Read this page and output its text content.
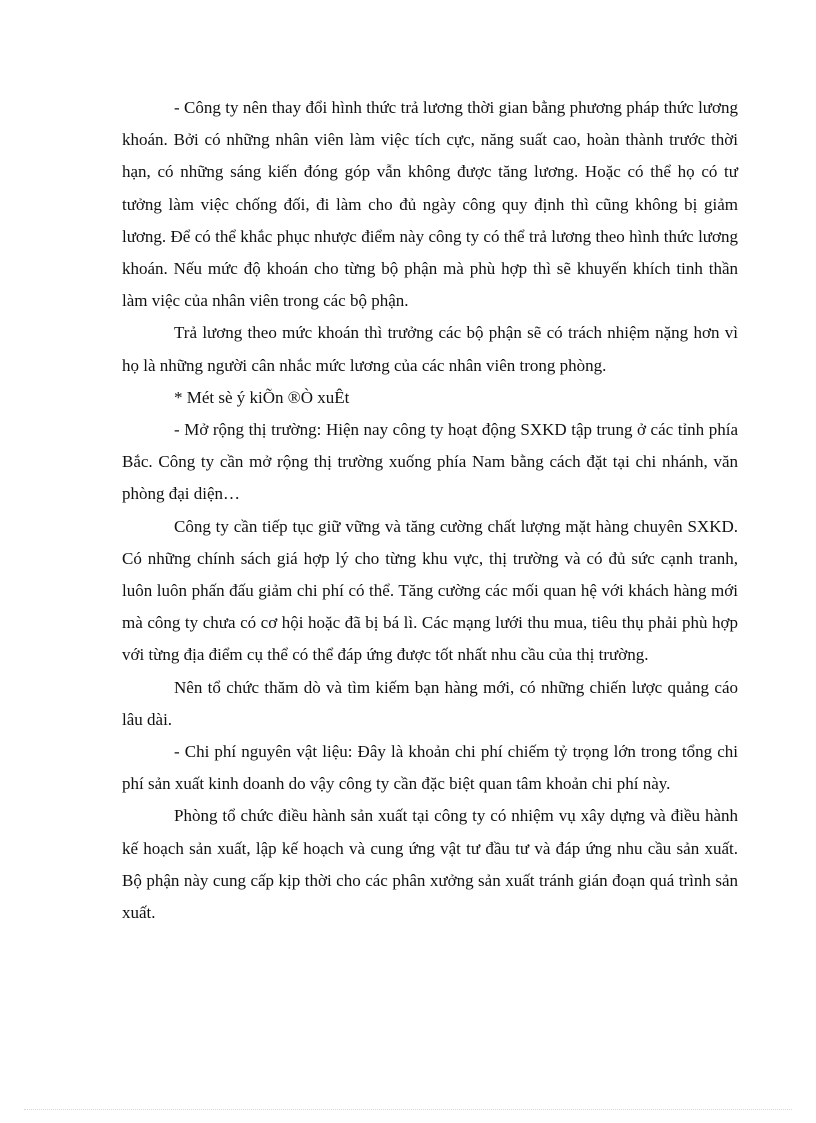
- Công ty nên thay đổi hình thức trả lương thời gian bằng phương pháp thức lương khoán. Bởi có những nhân viên làm việc tích cực, năng suất cao, hoàn thành trước thời hạn, có những sáng kiến đóng góp vẫn không được tăng lương. Hoặc có thể họ có tư tưởng làm việc chống đối, đi làm cho đủ ngày công quy định thì cũng không bị giảm lương. Để có thể khắc phục nhược điểm này công ty có thể trả lương theo hình thức lương khoán. Nếu mức độ khoán cho từng bộ phận mà phù hợp thì sẽ khuyến khích tinh thần làm việc của nhân viên trong các bộ phận.

Trả lương theo mức khoán thì trưởng các bộ phận sẽ có trách nhiệm nặng hơn vì họ là những người cân nhắc mức lương của các nhân viên trong phòng.

* Mét sè ý kiÕn ®Ò xuÊt

- Mở rộng thị trường: Hiện nay công ty hoạt động SXKD tập trung ở các tỉnh phía Bắc. Công ty cần mở rộng thị trường xuống phía Nam bằng cách đặt tại chi nhánh, văn phòng đại diện…

Công ty cần tiếp tục giữ vững và tăng cường chất lượng mặt hàng chuyên SXKD. Có những chính sách giá hợp lý cho từng khu vực, thị trường và có đủ sức cạnh tranh, luôn luôn phấn đấu giảm chi phí có thể. Tăng cường các mối quan hệ với khách hàng mới mà công ty chưa có cơ hội hoặc đã bị bá lì. Các mạng lưới thu mua, tiêu thụ phải phù hợp với từng địa điểm cụ thể có thể đáp ứng được tốt nhất nhu cầu của thị trường.

Nên tổ chức thăm dò và tìm kiếm bạn hàng mới, có những chiến lược quảng cáo lâu dài.

- Chi phí nguyên vật liệu: Đây là khoản chi phí chiếm tỷ trọng lớn trong tổng chi phí sản xuất kinh doanh do vậy công ty cần đặc biệt quan tâm khoản chi phí này.

Phòng tổ chức điều hành sản xuất tại công ty có nhiệm vụ xây dựng và điều hành kế hoạch sản xuất, lập kế hoạch và cung ứng vật tư đầu tư và đáp ứng nhu cầu sản xuất. Bộ phận này cung cấp kịp thời cho các phân xưởng sản xuất tránh gián đoạn quá trình sản xuất.
